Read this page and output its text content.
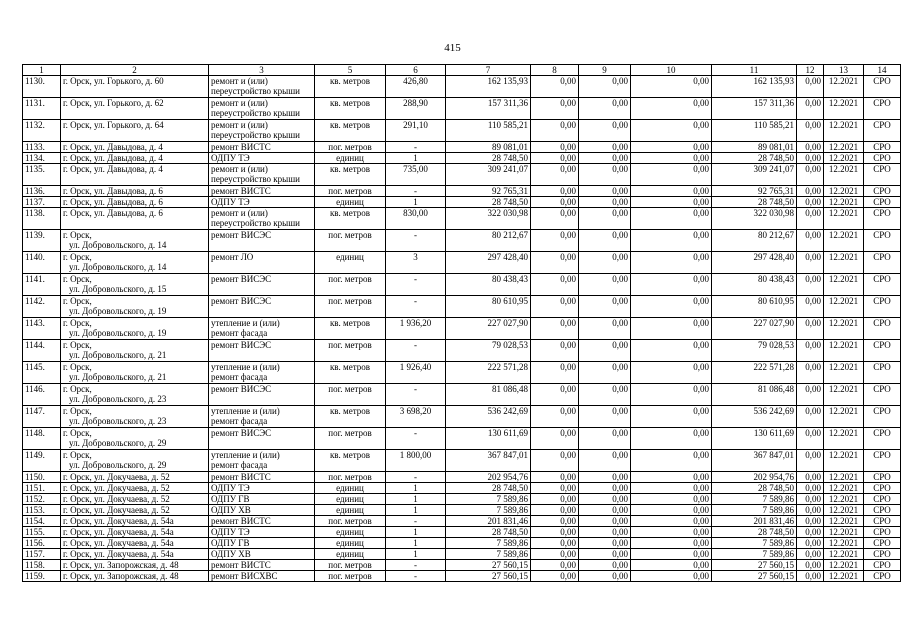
415
1	2	3	5	6	7	8	9	10	11	12	13	14
1130.	г. Орск, ул. Горького, д. 60	ремонт и (или)
переустройство крыши	кв. метров	426,80	162 135,93	0,00	0,00	0,00	162 135,93	0,00	12.2021	СРО
1131.	г. Орск, ул. Горького, д. 62	ремонт и (или)
переустройство крыши	кв. метров	288,90	157 311,36	0,00	0,00	0,00	157 311,36	0,00	12.2021	СРО
1132.	г. Орск, ул. Горького, д. 64	ремонт и (или)
переустройство крыши	кв. метров	291,10	110 585,21	0,00	0,00	0,00	110 585,21	0,00	12.2021	СРО
1133.	г. Орск, ул. Давыдова, д. 4	ремонт ВИСТС	пог. метров	-	89 081,01	0,00	0,00	0,00	89 081,01	0,00	12.2021	СРО
1134.	г. Орск, ул. Давыдова, д. 4	ОДПУ ТЭ	единиц	1	28 748,50	0,00	0,00	0,00	28 748,50	0,00	12.2021	СРО
1135.	г. Орск, ул. Давыдова, д. 4	ремонт и (или)
переустройство крыши	кв. метров	735,00	309 241,07	0,00	0,00	0,00	309 241,07	0,00	12.2021	СРО
1136.	г. Орск, ул. Давыдова, д. 6	ремонт ВИСТС	пог. метров	-	92 765,31	0,00	0,00	0,00	92 765,31	0,00	12.2021	СРО
1137.	г. Орск, ул. Давыдова, д. 6	ОДПУ ТЭ	единиц	1	28 748,50	0,00	0,00	0,00	28 748,50	0,00	12.2021	СРО
1138.	г. Орск, ул. Давыдова, д. 6	ремонт и (или)
переустройство крыши	кв. метров	830,00	322 030,98	0,00	0,00	0,00	322 030,98	0,00	12.2021	СРО
1139.	г. Орск,
ул. Добровольского, д. 14	ремонт ВИСЭС	пог. метров	-	80 212,67	0,00	0,00	0,00	80 212,67	0,00	12.2021	СРО
1140.	г. Орск,
ул. Добровольского, д. 14	ремонт ЛО	единиц	3	297 428,40	0,00	0,00	0,00	297 428,40	0,00	12.2021	СРО
1141.	г. Орск,
ул. Добровольского, д. 15	ремонт ВИСЭС	пог. метров	-	80 438,43	0,00	0,00	0,00	80 438,43	0,00	12.2021	СРО
1142.	г. Орск,
ул. Добровольского, д. 19	ремонт ВИСЭС	пог. метров	-	80 610,95	0,00	0,00	0,00	80 610,95	0,00	12.2021	СРО
1143.	г. Орск,
ул. Добровольского, д. 19	утепление и (или)
ремонт фасада	кв. метров	1 936,20	227 027,90	0,00	0,00	0,00	227 027,90	0,00	12.2021	СРО
1144.	г. Орск,
ул. Добровольского, д. 21	ремонт ВИСЭС	пог. метров	-	79 028,53	0,00	0,00	0,00	79 028,53	0,00	12.2021	СРО
1145.	г. Орск,
ул. Добровольского, д. 21	утепление и (или)
ремонт фасада	кв. метров	1 926,40	222 571,28	0,00	0,00	0,00	222 571,28	0,00	12.2021	СРО
1146.	г. Орск,
ул. Добровольского, д. 23	ремонт ВИСЭС	пог. метров	-	81 086,48	0,00	0,00	0,00	81 086,48	0,00	12.2021	СРО
1147.	г. Орск,
ул. Добровольского, д. 23	утепление и (или)
ремонт фасада	кв. метров	3 698,20	536 242,69	0,00	0,00	0,00	536 242,69	0,00	12.2021	СРО
1148.	г. Орск,
ул. Добровольского, д. 29	ремонт ВИСЭС	пог. метров	-	130 611,69	0,00	0,00	0,00	130 611,69	0,00	12.2021	СРО
1149.	г. Орск,
ул. Добровольского, д. 29	утепление и (или)
ремонт фасада	кв. метров	1 800,00	367 847,01	0,00	0,00	0,00	367 847,01	0,00	12.2021	СРО
1150.	г. Орск, ул. Докучаева, д. 52	ремонт ВИСТС	пог. метров	-	202 954,76	0,00	0,00	0,00	202 954,76	0,00	12.2021	СРО
1151.	г. Орск, ул. Докучаева, д. 52	ОДПУ ТЭ	единиц	1	28 748,50	0,00	0,00	0,00	28 748,50	0,00	12.2021	СРО
1152.	г. Орск, ул. Докучаева, д. 52	ОДПУ ГВ	единиц	1	7 589,86	0,00	0,00	0,00	7 589,86	0,00	12.2021	СРО
1153.	г. Орск, ул. Докучаева, д. 52	ОДПУ ХВ	единиц	1	7 589,86	0,00	0,00	0,00	7 589,86	0,00	12.2021	СРО
1154.	г. Орск, ул. Докучаева, д. 54а	ремонт ВИСТС	пог. метров	-	201 831,46	0,00	0,00	0,00	201 831,46	0,00	12.2021	СРО
1155.	г. Орск, ул. Докучаева, д. 54а	ОДПУ ТЭ	единиц	1	28 748,50	0,00	0,00	0,00	28 748,50	0,00	12.2021	СРО
1156.	г. Орск, ул. Докучаева, д. 54а	ОДПУ ГВ	единиц	1	7 589,86	0,00	0,00	0,00	7 589,86	0,00	12.2021	СРО
1157.	г. Орск, ул. Докучаева, д. 54а	ОДПУ ХВ	единиц	1	7 589,86	0,00	0,00	0,00	7 589,86	0,00	12.2021	СРО
1158.	г. Орск, ул. Запорожская, д. 48	ремонт ВИСТС	пог. метров	-	27 560,15	0,00	0,00	0,00	27 560,15	0,00	12.2021	СРО
1159.	г. Орск, ул. Запорожская, д. 48	ремонт ВИСХВС	пог. метров	-	27 560,15	0,00	0,00	0,00	27 560,15	0,00	12.2021	СРО
